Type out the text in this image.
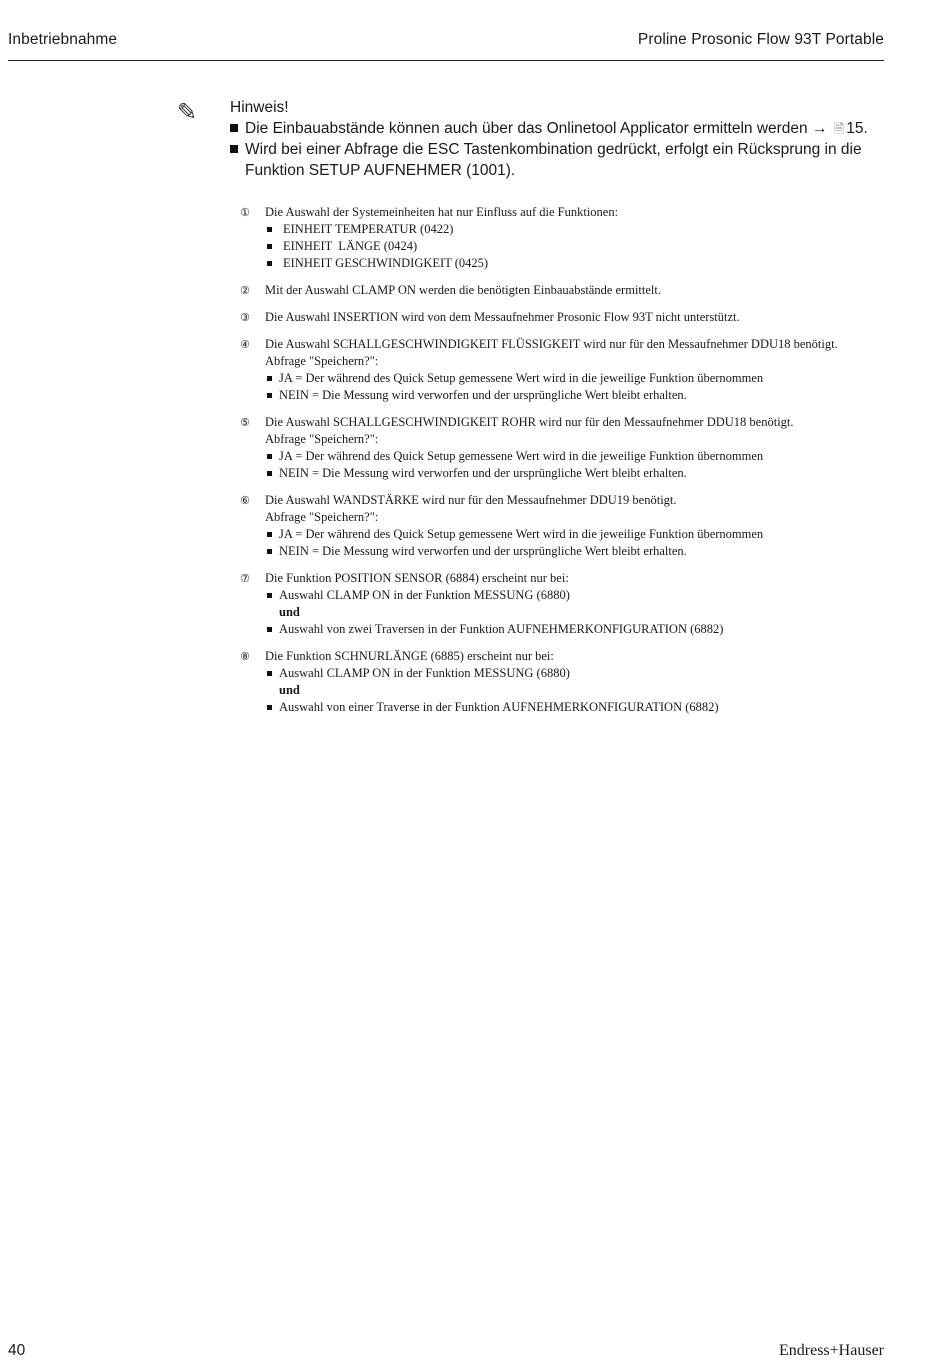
Inbetriebnahme	Proline Prosonic Flow 93T Portable
✎ Hinweis!
Die Einbauabstände können auch über das Onlinetool Applicator ermitteln werden → 🗎 15.
Wird bei einer Abfrage die ESC Tastenkombination gedrückt, erfolgt ein Rücksprung in die Funktion SETUP AUFNEHMER (1001).
① Die Auswahl der Systemeinheiten hat nur Einfluss auf die Funktionen:
EINHEIT TEMPERATUR (0422)
EINHEIT  LÄNGE (0424)
EINHEIT GESCHWINDIGKEIT (0425)
② Mit der Auswahl CLAMP ON werden die benötigten Einbauabstände ermittelt.
③ Die Auswahl INSERTION wird von dem Messaufnehmer Prosonic Flow 93T nicht unterstützt.
④ Die Auswahl SCHALLGESCHWINDIGKEIT FLÜSSIGKEIT wird nur für den Messaufnehmer DDU18 benötigt.
Abfrage "Speichern?":
JA = Der während des Quick Setup gemessene Wert wird in die jeweilige Funktion übernommen
NEIN = Die Messung wird verworfen und der ursprüngliche Wert bleibt erhalten.
⑤ Die Auswahl SCHALLGESCHWINDIGKEIT ROHR wird nur für den Messaufnehmer DDU18 benötigt.
Abfrage "Speichern?":
JA = Der während des Quick Setup gemessene Wert wird in die jeweilige Funktion übernommen
NEIN = Die Messung wird verworfen und der ursprüngliche Wert bleibt erhalten.
⑥ Die Auswahl WANDSTÄRKE wird nur für den Messaufnehmer DDU19 benötigt.
Abfrage "Speichern?":
JA = Der während des Quick Setup gemessene Wert wird in die jeweilige Funktion übernommen
NEIN = Die Messung wird verworfen und der ursprüngliche Wert bleibt erhalten.
⑦ Die Funktion POSITION SENSOR (6884) erscheint nur bei:
Auswahl CLAMP ON in der Funktion MESSUNG (6880)
und
Auswahl von zwei Traversen in der Funktion AUFNEHMERKONFIGURATION (6882)
⑧ Die Funktion SCHNURLÄNGE (6885) erscheint nur bei:
Auswahl CLAMP ON in der Funktion MESSUNG (6880)
und
Auswahl von einer Traverse in der Funktion AUFNEHMERKONFIGURATION (6882)
40	Endress+Hauser
